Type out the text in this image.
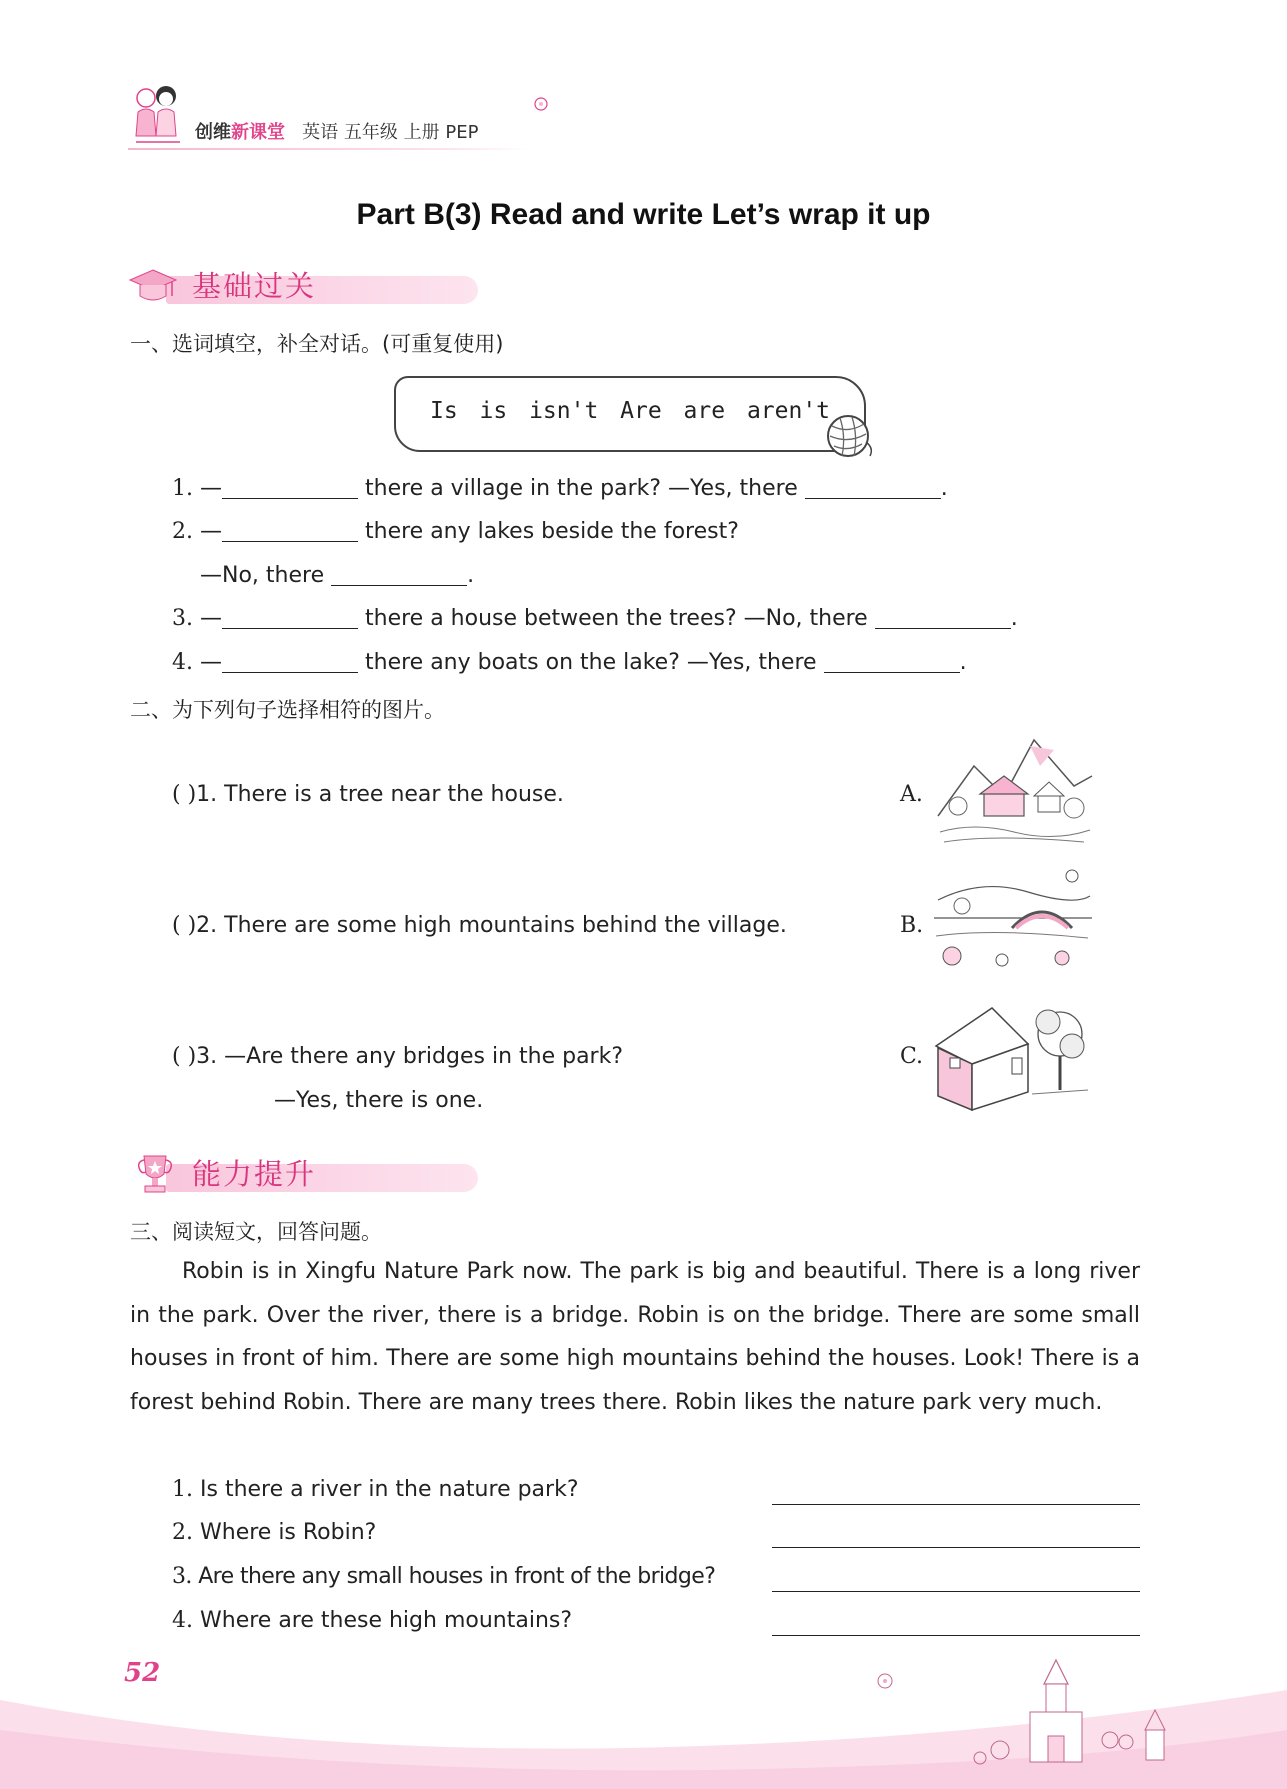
创维新课堂 英语 五年级 上册 PEP
Part B(3) Read and write Let’s wrap it up
基础过关
一、选词填空，补全对话。(可重复使用)
Is is isn't Are are aren't
1. —	there a village in the park? —Yes, there	.
2. —	there any lakes beside the forest?
—No, there	.
3. —	there a house between the trees? —No, there	.
4. —	there any boats on the lake? —Yes, there	.
二、为下列句子选择相符的图片。
( )1. There is a tree near the house.	A.
( )2. There are some high mountains behind the village.	B.
( )3. —Are there any bridges in the park?
—Yes, there is one.
C.
能力提升
三、阅读短文，回答问题。
Robin is in Xingfu Nature Park now. The park is big and beautiful. There is a long river in the park. Over the river, there is a bridge. Robin is on the bridge. There are some small houses in front of him. There are some high mountains behind the houses. Look! There is a forest behind Robin. There are many trees there. Robin likes the nature park very much.
1. Is there a river in the nature park?
2. Where is Robin?
3. Are there any small houses in front of the bridge?
4. Where are these high mountains?
52
